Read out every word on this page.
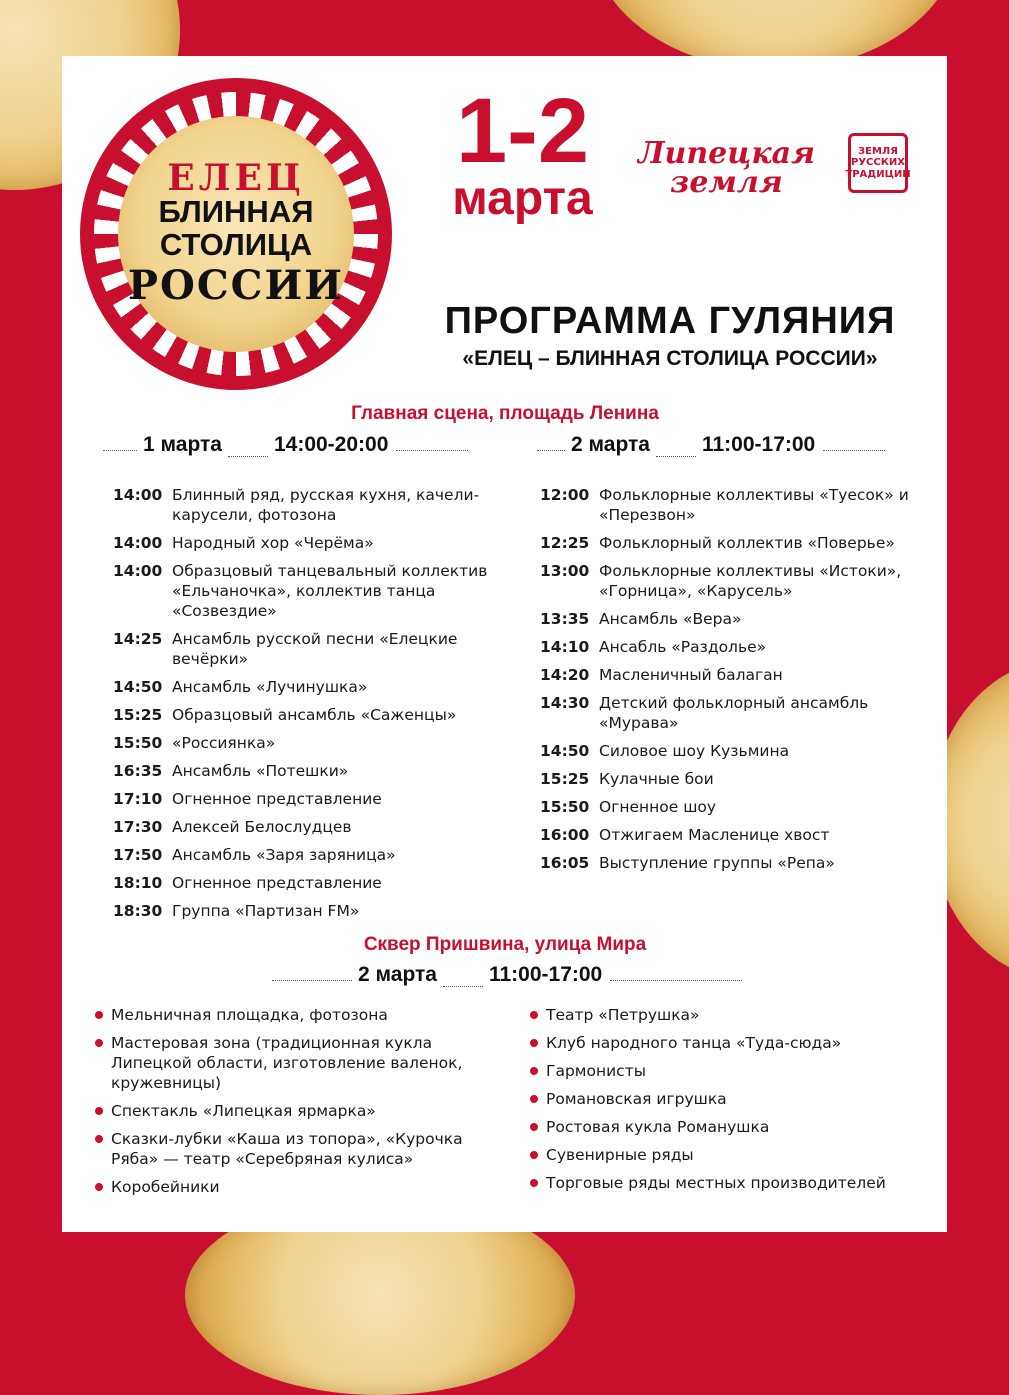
ЕЛЕЦ
БЛИННАЯ
СТОЛИЦА
РОССИИ
1-2
марта
Липецкая
земля
ЗЕМЛЯ
РУССКИХ
ТРАДИЦИЙ
ПРОГРАММА ГУЛЯНИЯ
«ЕЛЕЦ – БЛИННАЯ СТОЛИЦА РОССИИ»
Главная сцена, площадь Ленина
1 марта 14:00-20:00	2 марта 11:00-17:00
14:00 Блинный ряд, русская кухня, качели-карусели, фотозона
14:00 Народный хор «Черёма»
14:00 Образцовый танцевальный коллектив «Ельчаночка», коллектив танца «Созвездие»
14:25 Ансамбль русской песни «Елецкие вечёрки»
14:50 Ансамбль «Лучинушка»
15:25 Образцовый ансамбль «Саженцы»
15:50 «Россиянка»
16:35 Ансамбль «Потешки»
17:10 Огненное представление
17:30 Алексей Белослудцев
17:50 Ансамбль «Заря заряница»
18:10 Огненное представление
18:30 Группа «Партизан FM»
12:00 Фольклорные коллективы «Туесок» и «Перезвон»
12:25 Фольклорный коллектив «Поверье»
13:00 Фольклорные коллективы «Истоки», «Горница», «Карусель»
13:35 Ансамбль «Вера»
14:10 Ансабль «Раздолье»
14:20 Масленичный балаган
14:30 Детский фольклорный ансамбль «Мурава»
14:50 Силовое шоу Кузьмина
15:25 Кулачные бои
15:50 Огненное шоу
16:00 Отжигаем Масленице хвост
16:05 Выступление группы «Репа»
Сквер Пришвина, улица Мира
2 марта 11:00-17:00
Мельничная площадка, фотозона
Мастеровая зона (традиционная кукла Липецкой области, изготовление валенок, кружевницы)
Спектакль «Липецкая ярмарка»
Сказки-лубки «Каша из топора», «Курочка Ряба» — театр «Серебряная кулиса»
Коробейники
Театр «Петрушка»
Клуб народного танца «Туда-сюда»
Гармонисты
Романовская игрушка
Ростовая кукла Романушка
Сувенирные ряды
Торговые ряды местных производителей
